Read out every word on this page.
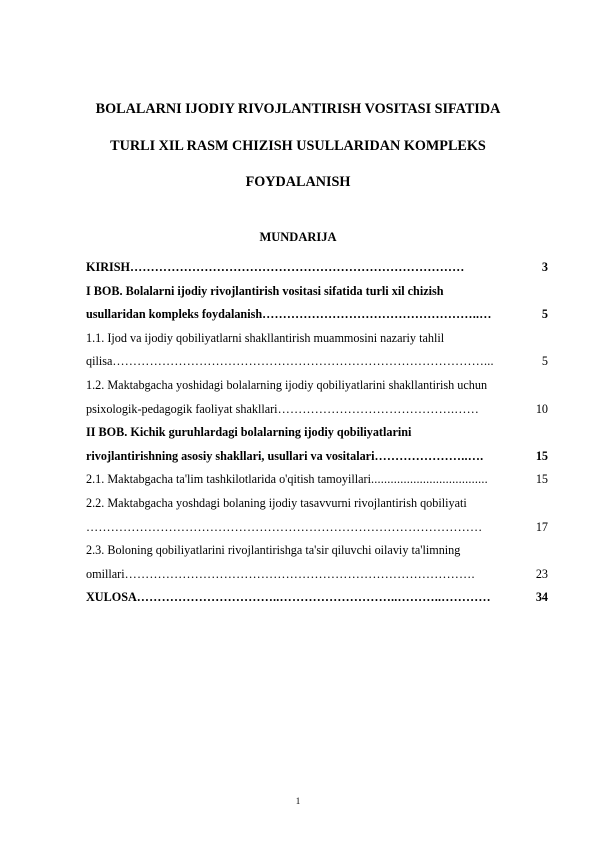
BOLALARNI IJODIY RIVOJLANTIRISH VOSITASI SIFATIDA
TURLI XIL RASM CHIZISH USULLARIDAN KOMPLEKS
FOYDALANISH
MUNDARIJA
KIRISH ………………………………………………………………………	3
I BOB. Bolalarni ijodiy rivojlantirish vositasi sifatida turli xil chizish
usullaridan kompleks foydalanish ……………………………………………..…	5
1.1. Ijod va ijodiy qobiliyatlarni shakllantirish muammosini nazariy tahlil
qilisa ………………………………………………………………………………...	5
1.2. Maktabgacha yoshidagi bolalarning ijodiy qobiliyatlarini shakllantirish uchun
psixologik-pedagogik faoliyat shakllari …………………………………….……	10
II BOB. Kichik guruhlardagi bolalarning ijodiy qobiliyatlarini
rivojlantirishning asosiy shakllari, usullari va vositalari …………………..….	15
2.1. Maktabgacha ta'lim tashkilotlarida o'qitish tamoyillari ....................................	15
2.2. Maktabgacha yoshdagi bolaning ijodiy tasavvurni rivojlantirish qobiliyati
……………………………………………………………………………………	17
2.3. Boloning qobiliyatlarini rivojlantirishga ta'sir qiluvchi oilaviy ta'limning
omillari ………………………………………………………………………….	23
XULOSA ……………………………..………………………..………..…………	34
1
